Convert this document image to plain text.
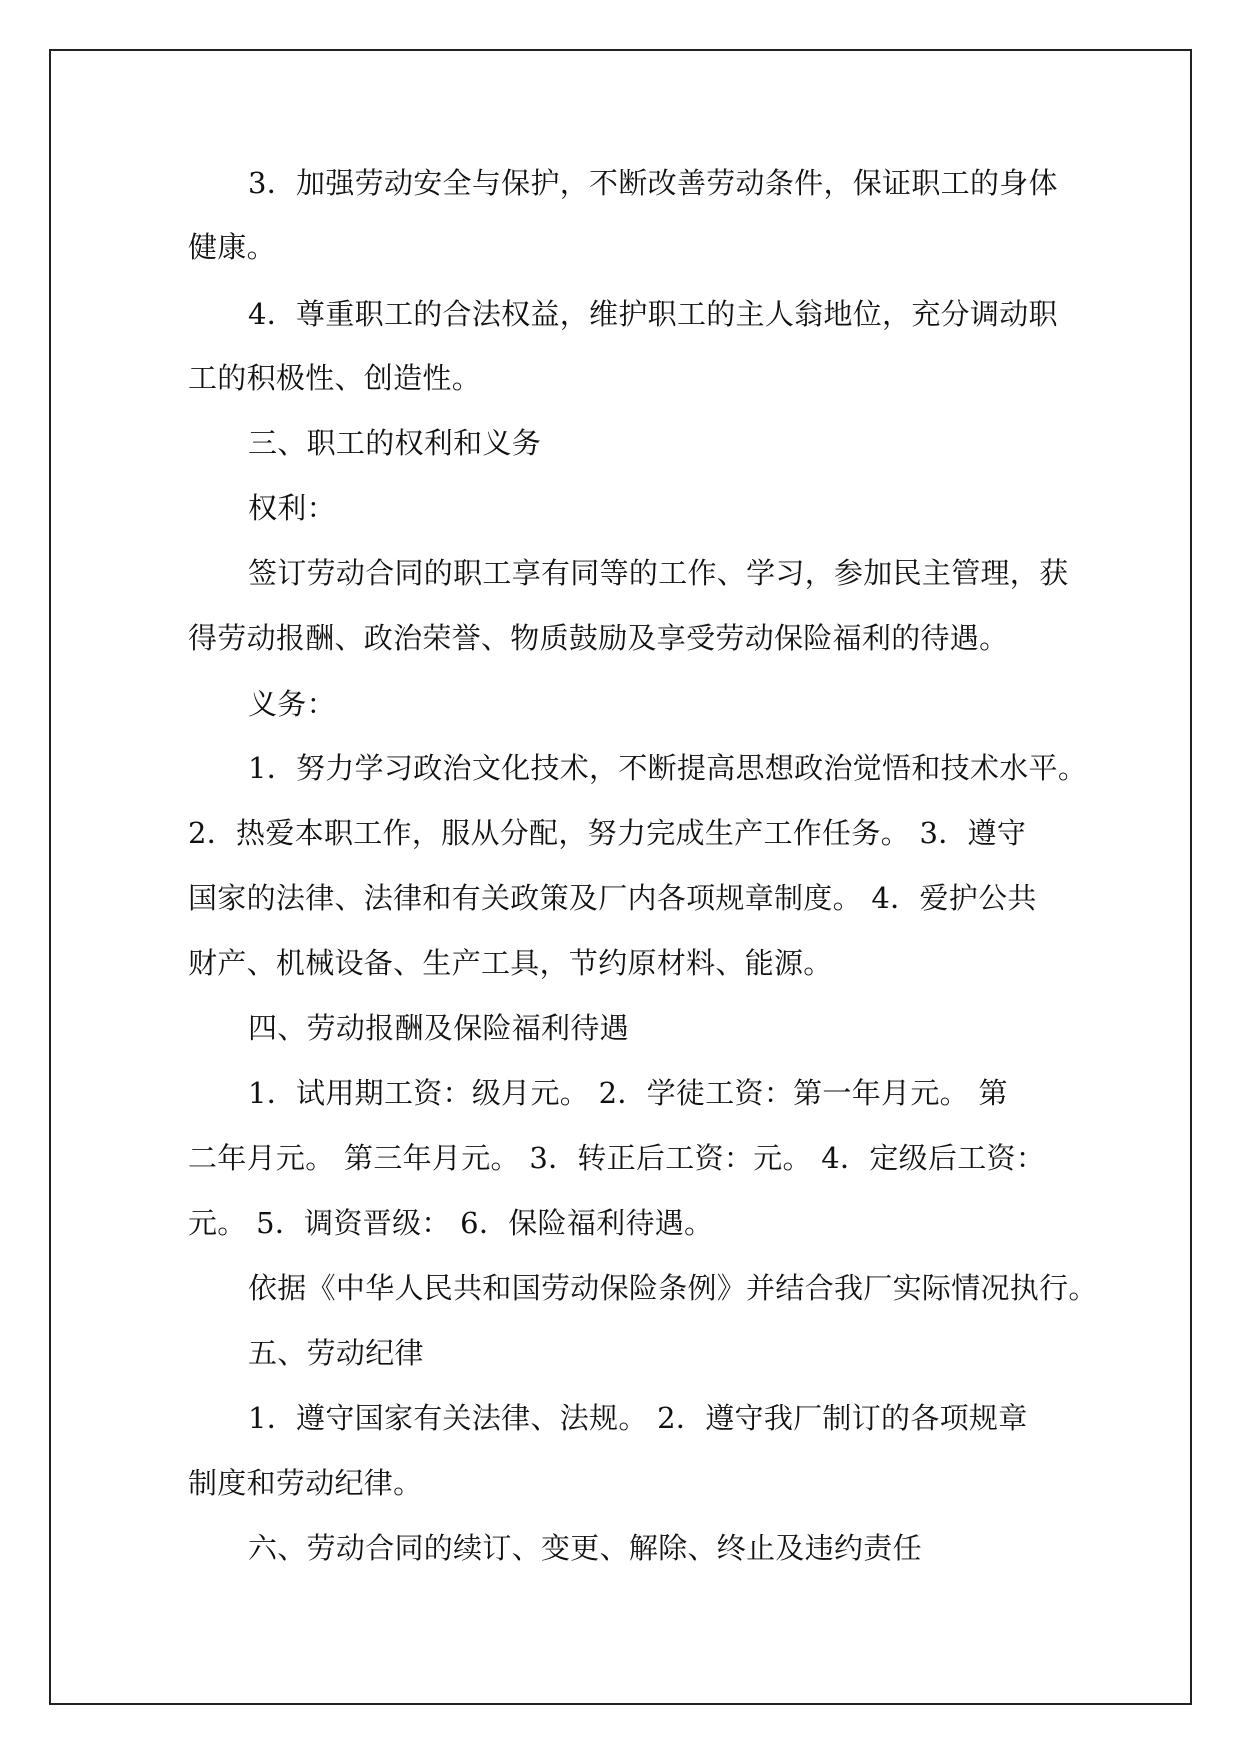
3．加强劳动安全与保护，不断改善劳动条件，保证职工的身体
健康。
4．尊重职工的合法权益，维护职工的主人翁地位，充分调动职
工的积极性、创造性。
三、职工的权利和义务
权利：
签订劳动合同的职工享有同等的工作、学习，参加民主管理，获
得劳动报酬、政治荣誉、物质鼓励及享受劳动保险福利的待遇。
义务：
1．努力学习政治文化技术，不断提高思想政治觉悟和技术水平。
2．热爱本职工作，服从分配，努力完成生产工作任务。 3．遵守
国家的法律、法律和有关政策及厂内各项规章制度。 4．爱护公共
财产、机械设备、生产工具，节约原材料、能源。
四、劳动报酬及保险福利待遇
1．试用期工资：级月元。 2．学徒工资：第一年月元。 第
二年月元。 第三年月元。 3．转正后工资：元。 4．定级后工资：
元。 5．调资晋级： 6．保险福利待遇。
依据《中华人民共和国劳动保险条例》并结合我厂实际情况执行。
五、劳动纪律
1．遵守国家有关法律、法规。 2．遵守我厂制订的各项规章
制度和劳动纪律。
六、劳动合同的续订、变更、解除、终止及违约责任
